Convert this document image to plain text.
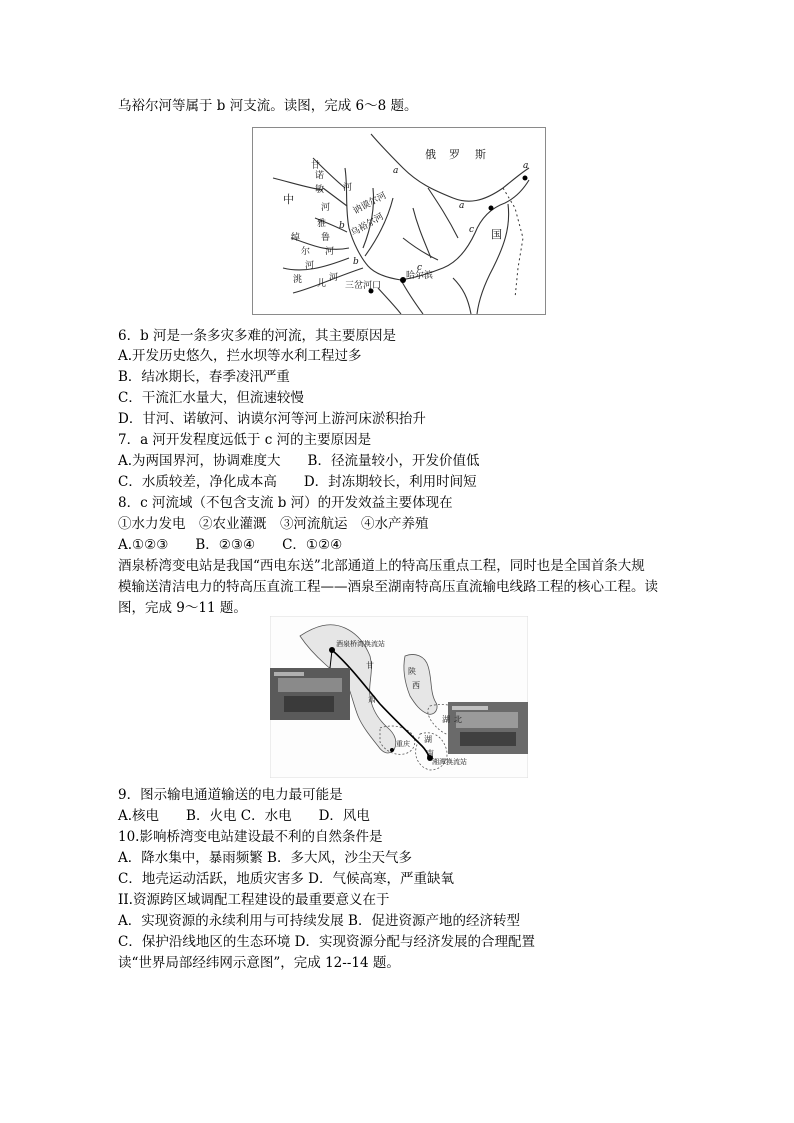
乌裕尔河等属于 b 河支流。读图，完成 6～8 题。
俄 罗 斯
中
国
甘
河
诺
敏
河 讷谟尔河
乌裕尔河
雅
鲁
河
绰
尔
河
洮 儿
河
三岔河口
哈尔滨
a
a
a
b
b
c
c
6．b 河是一条多灾多难的河流，其主要原因是
A.开发历史悠久，拦水坝等水利工程过多
B．结冰期长，春季凌汛严重
C．干流汇水量大，但流速较慢
D．甘河、诺敏河、讷谟尔河等河上游河床淤积抬升
7．a 河开发程度远低于 c 河的主要原因是
A.为两国界河，协调难度大　　B．径流量较小，开发价值低
C．水质较差，净化成本高　　D．封冻期较长，利用时间短
8．c 河流域（不包含支流 b 河）的开发效益主要体现在
①水力发电　②农业灌溉　③河流航运　④水产养殖
A.①②③　　B．②③④　　C．①②④
酒泉桥湾变电站是我国“西电东送”北部通道上的特高压重点工程，同时也是全国首条大规
模输送清洁电力的特高压直流工程——酒泉至湖南特高压直流输电线路工程的核心工程。读
图，完成 9～11 题。
酒泉桥湾换流站
湘潭换流站
甘
肃
陕
西
湖 北
重庆 湖
南
9．图示输电通道输送的电力最可能是
A.核电　　B．火电 C．水电　　D．风电
10.影响桥湾变电站建设最不利的自然条件是
A．降水集中，暴雨频繁 B．多大风，沙尘天气多
C．地壳运动活跃，地质灾害多 D．气候高寒，严重缺氧
II.资源跨区域调配工程建设的最重要意义在于
A．实现资源的永续利用与可持续发展 B．促进资源产地的经济转型
C．保护沿线地区的生态环境 D．实现资源分配与经济发展的合理配置
读“世界局部经纬网示意图”，完成 12--14 题。
